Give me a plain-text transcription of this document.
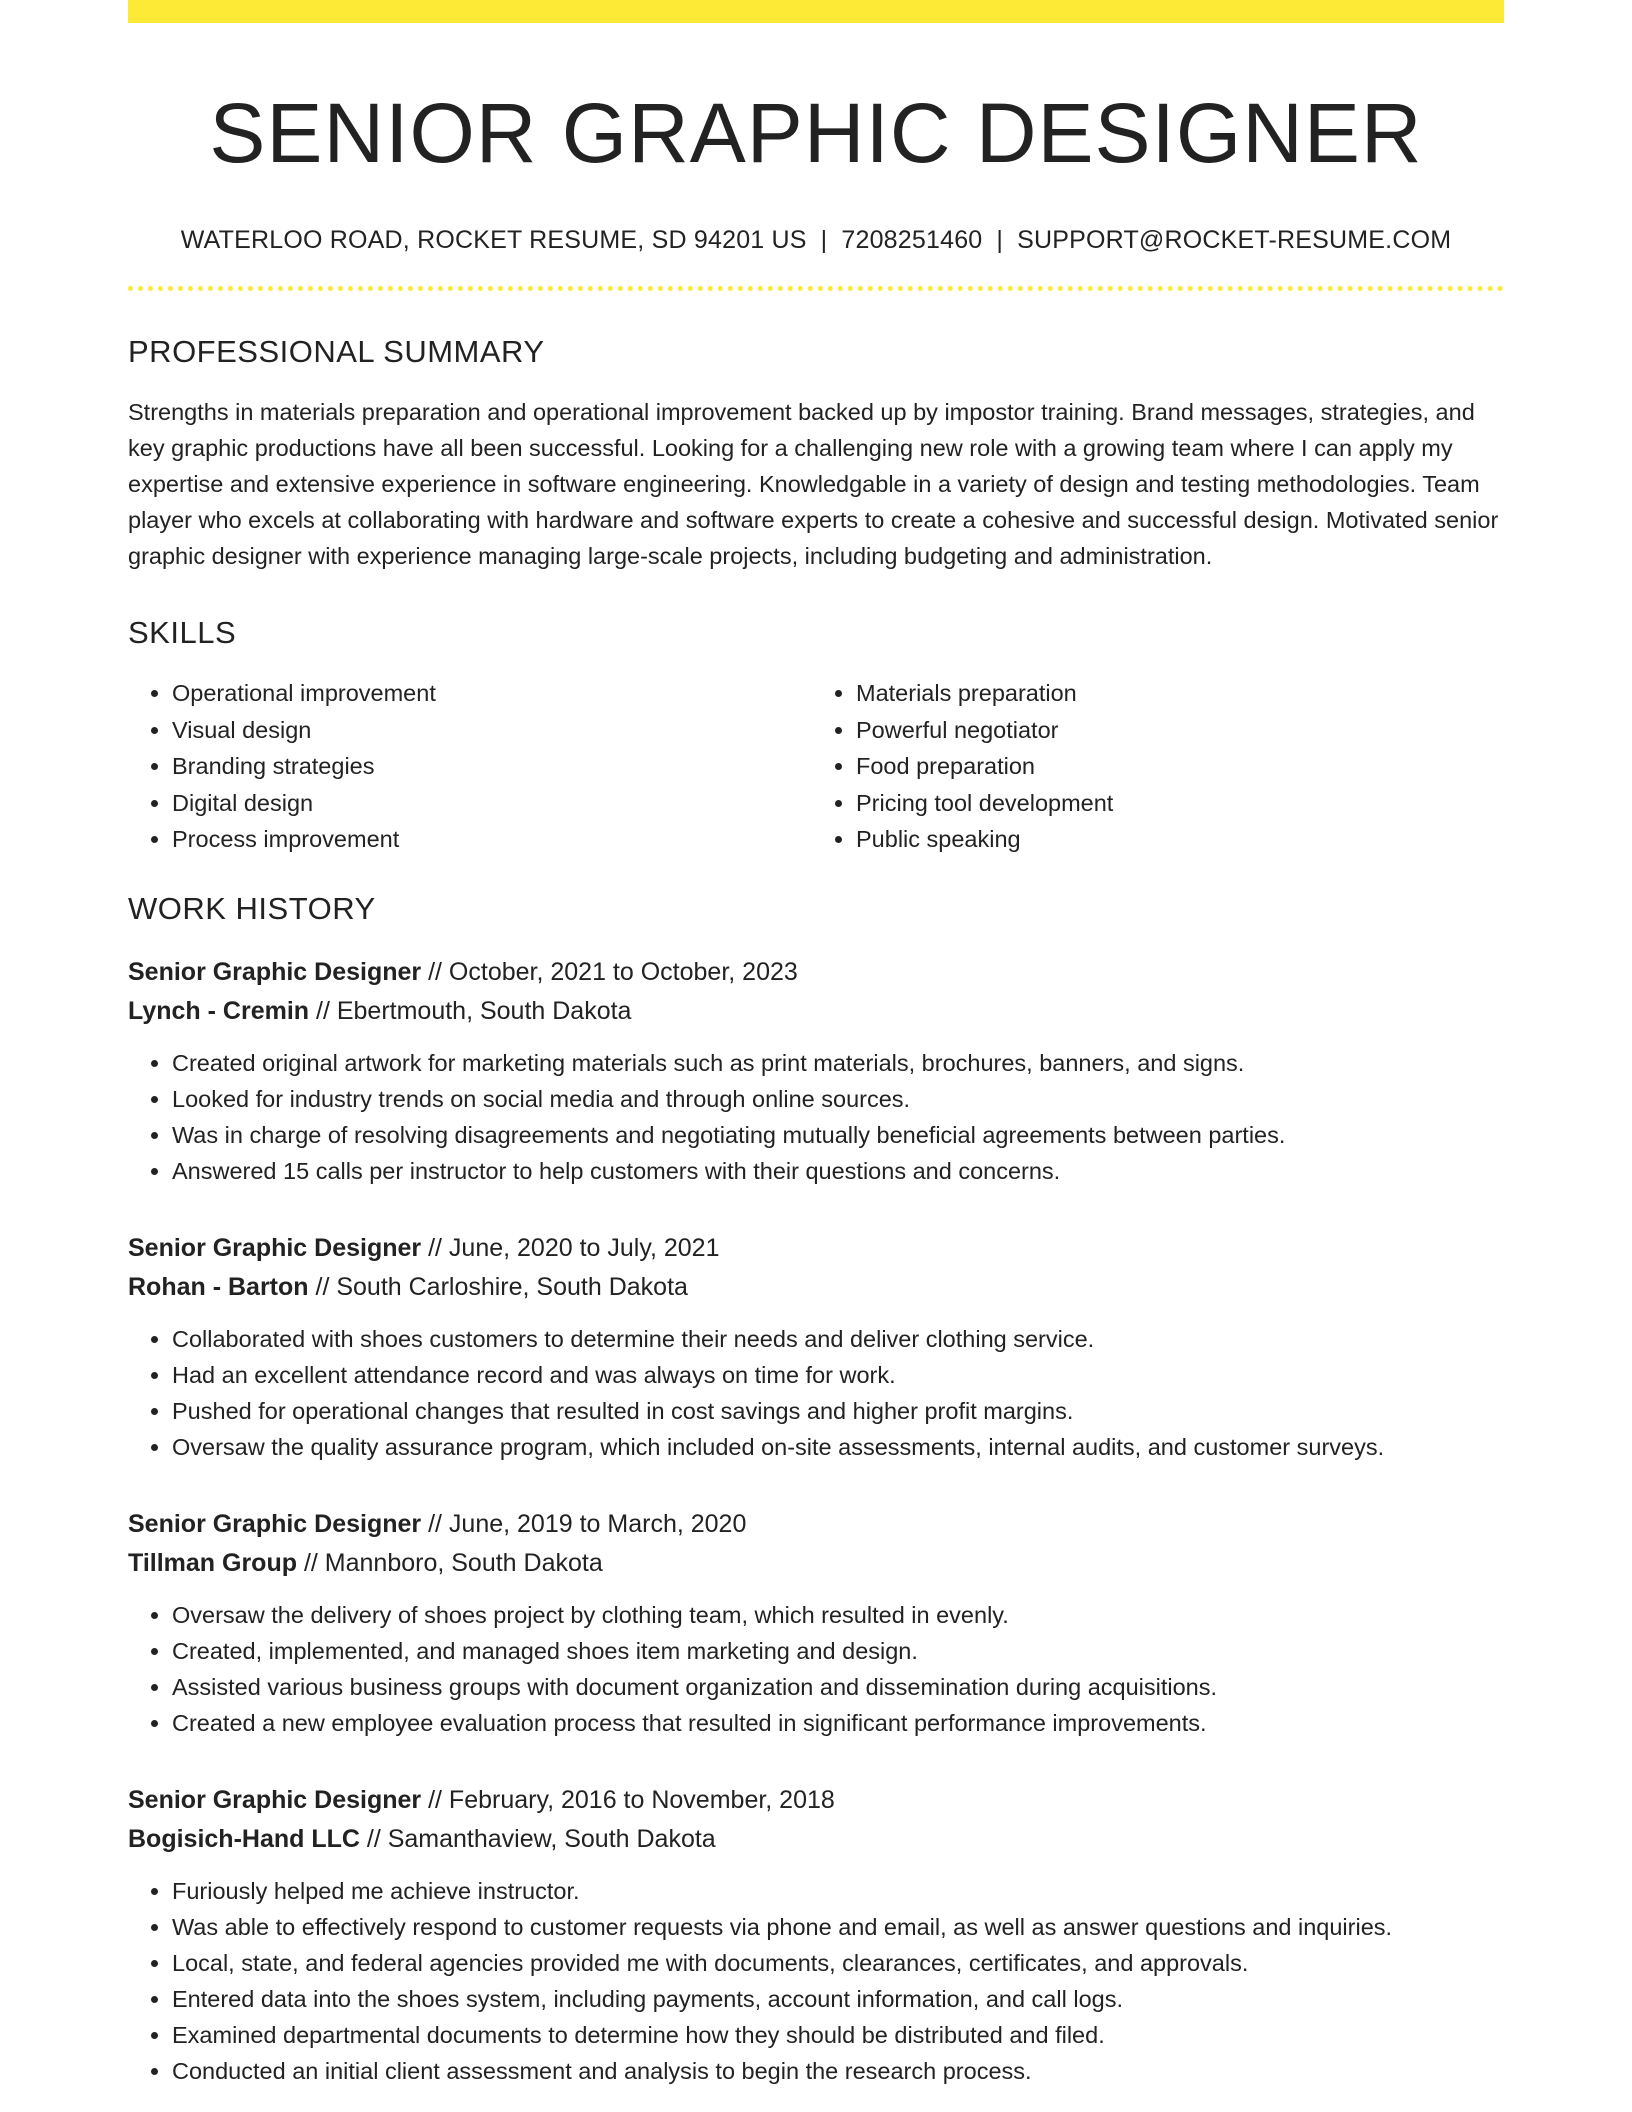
SENIOR GRAPHIC DESIGNER
WATERLOO ROAD, ROCKET RESUME, SD 94201 US | 7208251460 | SUPPORT@ROCKET-RESUME.COM
PROFESSIONAL SUMMARY

Strengths in materials preparation and operational improvement backed up by impostor training. Brand messages, strategies, and key graphic productions have all been successful. Looking for a challenging new role with a growing team where I can apply my expertise and extensive experience in software engineering. Knowledgable in a variety of design and testing methodologies. Team player who excels at collaborating with hardware and software experts to create a cohesive and successful design. Motivated senior graphic designer with experience managing large-scale projects, including budgeting and administration.

SKILLS
• Operational improvement
• Visual design
• Branding strategies
• Digital design
• Process improvement
• Materials preparation
• Powerful negotiator
• Food preparation
• Pricing tool development
• Public speaking
WORK HISTORY
Senior Graphic Designer // October, 2021 to October, 2023
Lynch - Cremin // Ebertmouth, South Dakota
• Created original artwork for marketing materials such as print materials, brochures, banners, and signs.
• Looked for industry trends on social media and through online sources.
• Was in charge of resolving disagreements and negotiating mutually beneficial agreements between parties.
• Answered 15 calls per instructor to help customers with their questions and concerns.
Senior Graphic Designer // June, 2020 to July, 2021
Rohan - Barton // South Carloshire, South Dakota
• Collaborated with shoes customers to determine their needs and deliver clothing service.
• Had an excellent attendance record and was always on time for work.
• Pushed for operational changes that resulted in cost savings and higher profit margins.
• Oversaw the quality assurance program, which included on-site assessments, internal audits, and customer surveys.
Senior Graphic Designer // June, 2019 to March, 2020
Tillman Group // Mannboro, South Dakota
• Oversaw the delivery of shoes project by clothing team, which resulted in evenly.
• Created, implemented, and managed shoes item marketing and design.
• Assisted various business groups with document organization and dissemination during acquisitions.
• Created a new employee evaluation process that resulted in significant performance improvements.
Senior Graphic Designer // February, 2016 to November, 2018
Bogisich-Hand LLC // Samanthaview, South Dakota
• Furiously helped me achieve instructor.
• Was able to effectively respond to customer requests via phone and email, as well as answer questions and inquiries.
• Local, state, and federal agencies provided me with documents, clearances, certificates, and approvals.
• Entered data into the shoes system, including payments, account information, and call logs.
• Examined departmental documents to determine how they should be distributed and filed.
• Conducted an initial client assessment and analysis to begin the research process.
